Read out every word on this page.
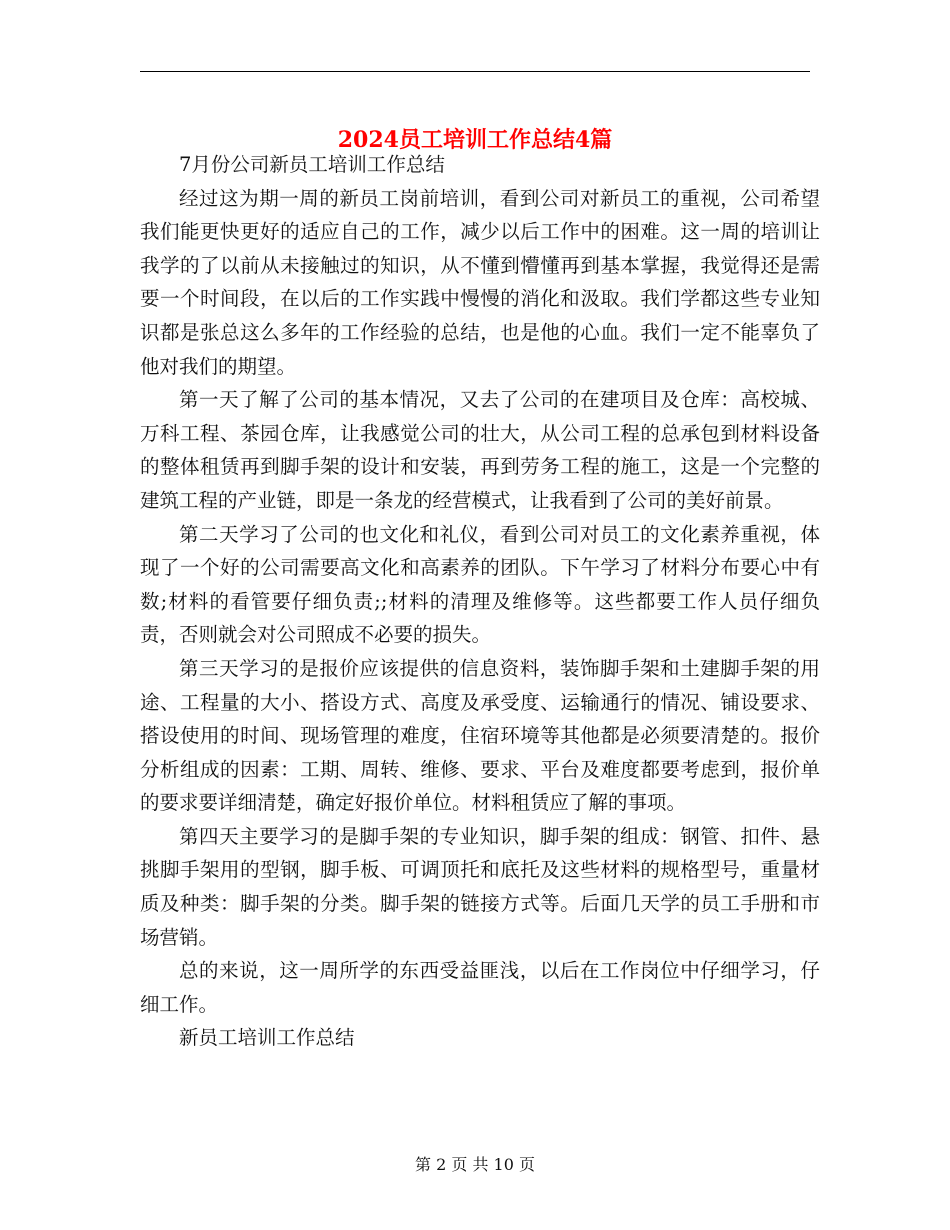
2024员工培训工作总结4篇

7月份公司新员工培训工作总结

经过这为期一周的新员工岗前培训，看到公司对新员工的重视，公司希望我们能更快更好的适应自己的工作，减少以后工作中的困难。这一周的培训让我学的了以前从未接触过的知识，从不懂到懵懂再到基本掌握，我觉得还是需要一个时间段，在以后的工作实践中慢慢的消化和汲取。我们学都这些专业知识都是张总这么多年的工作经验的总结，也是他的心血。我们一定不能辜负了他对我们的期望。

第一天了解了公司的基本情况，又去了公司的在建项目及仓库：高校城、万科工程、茶园仓库，让我感觉公司的壮大，从公司工程的总承包到材料设备的整体租赁再到脚手架的设计和安装，再到劳务工程的施工，这是一个完整的建筑工程的产业链，即是一条龙的经营模式，让我看到了公司的美好前景。

第二天学习了公司的也文化和礼仪，看到公司对员工的文化素养重视，体现了一个好的公司需要高文化和高素养的团队。下午学习了材料分布要心中有数;材料的看管要仔细负责;;材料的清理及维修等。这些都要工作人员仔细负责，否则就会对公司照成不必要的损失。

第三天学习的是报价应该提供的信息资料，装饰脚手架和土建脚手架的用途、工程量的大小、搭设方式、高度及承受度、运输通行的情况、铺设要求、搭设使用的时间、现场管理的难度，住宿环境等其他都是必须要清楚的。报价分析组成的因素：工期、周转、维修、要求、平台及难度都要考虑到，报价单的要求要详细清楚，确定好报价单位。材料租赁应了解的事项。

第四天主要学习的是脚手架的专业知识，脚手架的组成：钢管、扣件、悬挑脚手架用的型钢，脚手板、可调顶托和底托及这些材料的规格型号，重量材质及种类：脚手架的分类。脚手架的链接方式等。后面几天学的员工手册和市场营销。

总的来说，这一周所学的东西受益匪浅，以后在工作岗位中仔细学习，仔细工作。

新员工培训工作总结

第 2 页 共 10 页
